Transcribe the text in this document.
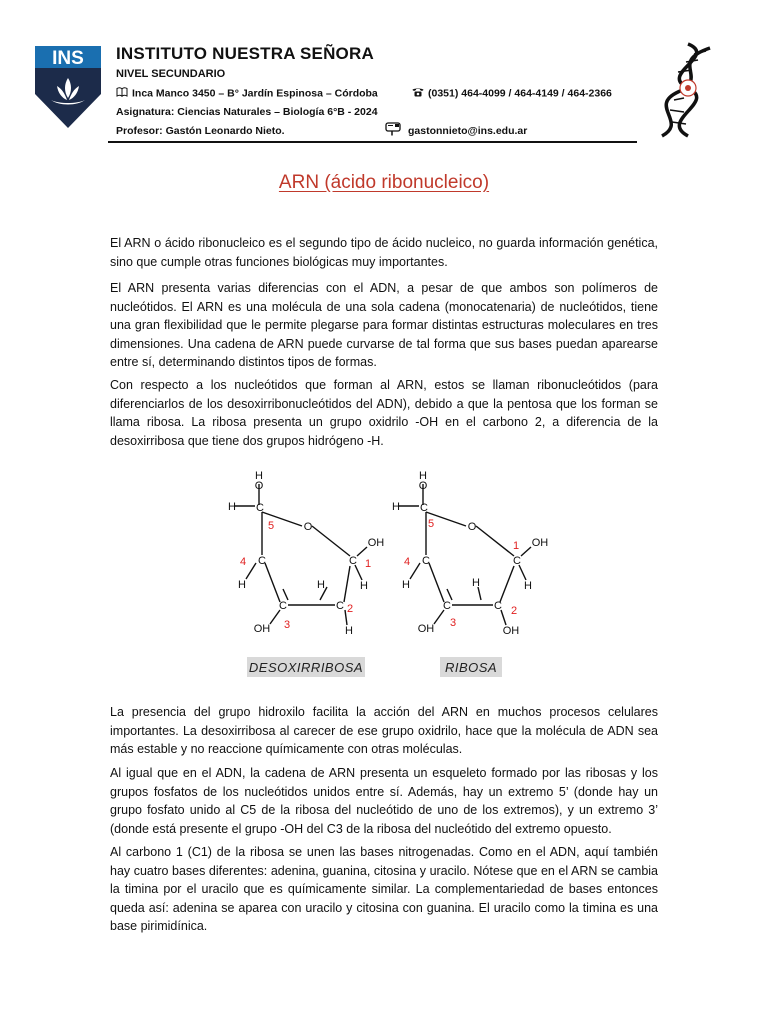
INS INSTITUTO NUESTRA SEÑORA
NIVEL SECUNDARIO
Inca Manco 3450 – B° Jardín Espinosa – Córdoba	(0351) 464-4099 / 464-4149 / 464-2366
Asignatura: Ciencias Naturales – Biología 6°B - 2024
Profesor: Gastón Leonardo Nieto.	gastonnieto@ins.edu.ar
ARN (ácido ribonucleico)

El ARN o ácido ribonucleico es el segundo tipo de ácido nucleico, no guarda información genética, sino que cumple otras funciones biológicas muy importantes.

El ARN presenta varias diferencias con el ADN, a pesar de que ambos son polímeros de nucleótidos. El ARN es una molécula de una sola cadena (monocatenaria) de nucleótidos, tiene una gran flexibilidad que le permite plegarse para formar distintas estructuras moleculares en tres dimensiones. Una cadena de ARN puede curvarse de tal forma que sus bases puedan aparearse entre sí, determinando distintos tipos de formas.

Con respecto a los nucleótidos que forman al ARN, estos se llaman ribonucleótidos (para diferenciarlos de los desoxirribonucleótidos del ADN), debido a que la pentosa que los forman se llama ribosa. La ribosa presenta un grupo oxidrilo -OH en el carbono 2, a diferencia de la desoxirribosa que tiene dos grupos hidrógeno -H.

H
O
H C
O
C	C
OH
H	H
C	C
H
OH	H
5
4	1
2
3
H
O
H C
O
C	C
OH
H	H
C	C
H
OH	OH
5
4
1
2
3
DESOXIRRIBOSA	RIBOSA

La presencia del grupo hidroxilo facilita la acción del ARN en muchos procesos celulares importantes. La desoxirribosa al carecer de ese grupo oxidrilo, hace que la molécula de ADN sea más estable y no reaccione químicamente con otras moléculas.

Al igual que en el ADN, la cadena de ARN presenta un esqueleto formado por las ribosas y los grupos fosfatos de los nucleótidos unidos entre sí. Además, hay un extremo 5’ (donde hay un grupo fosfato unido al C5 de la ribosa del nucleótido de uno de los extremos), y un extremo 3’ (donde está presente el grupo -OH del C3 de la ribosa del nucleótido del extremo opuesto.

Al carbono 1 (C1) de la ribosa se unen las bases nitrogenadas. Como en el ADN, aquí también hay cuatro bases diferentes: adenina, guanina, citosina y uracilo. Nótese que en el ARN se cambia la timina por el uracilo que es químicamente similar. La complementariedad de bases entonces queda así: adenina se aparea con uracilo y citosina con guanina. El uracilo como la timina es una base pirimidínica.
